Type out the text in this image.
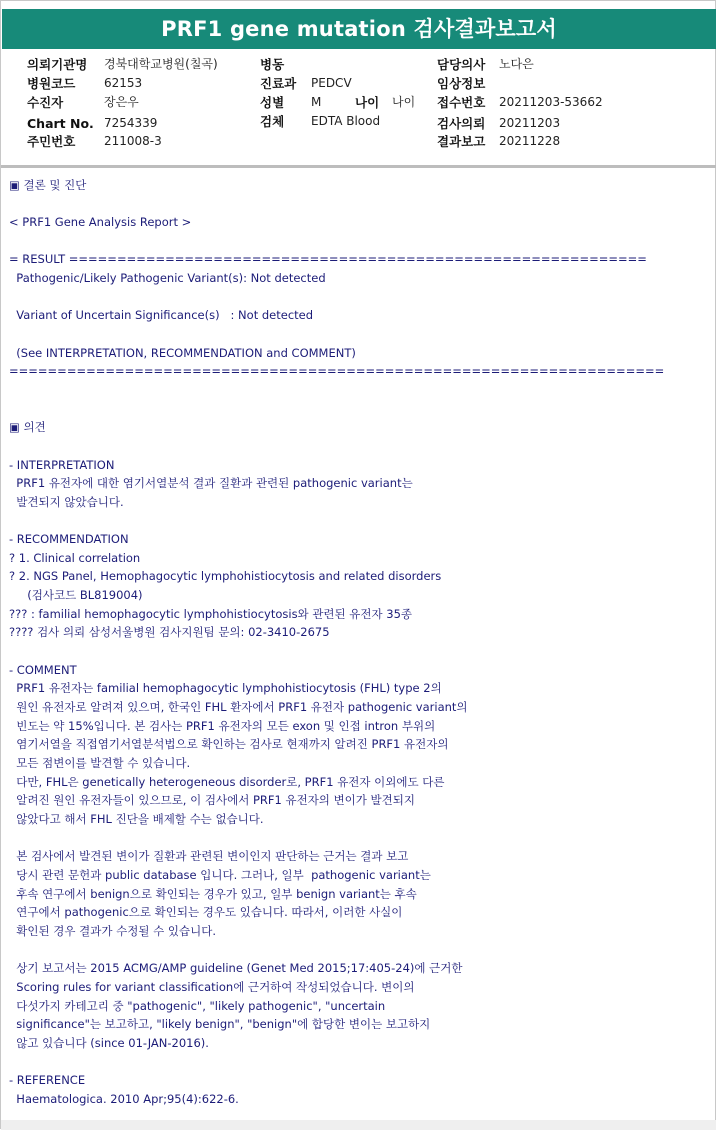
PRF1 gene mutation 검사결과보고서
의뢰기관명 경북대학교병원(칠곡)
병원코드 62153
수진자	장은우
Chart No. 7254339
주민번호 211008-3
병동
진료과 PEDCV
성별 M	나이 나이
검체 EDTA Blood
담당의사 노다은
임상정보
접수번호 20211203-53662
검사의뢰 20211203
결과보고 20211228
▣ 결론 및 진단
< PRF1 Gene Analysis Report >
= RESULT ============================================================
Pathogenic/Likely Pathogenic Variant(s): Not detected
Variant of Uncertain Significance(s)   : Not detected
(See INTERPRETATION, RECOMMENDATION and COMMENT)
====================================================================
▣ 의견
- INTERPRETATION
PRF1 유전자에 대한 염기서열분석 결과 질환과 관련된 pathogenic variant는
발견되지 않았습니다.
- RECOMMENDATION
? 1. Clinical correlation
? 2. NGS Panel, Hemophagocytic lymphohistiocytosis and related disorders
(검사코드 BL819004)
??? : familial hemophagocytic lymphohistiocytosis와 관련된 유전자 35종
???? 검사 의뢰 삼성서울병원 검사지원팀 문의: 02-3410-2675
- COMMENT
PRF1 유전자는 familial hemophagocytic lymphohistiocytosis (FHL) type 2의
원인 유전자로 알려져 있으며, 한국인 FHL 환자에서 PRF1 유전자 pathogenic variant의
빈도는 약 15%입니다. 본 검사는 PRF1 유전자의 모든 exon 및 인접 intron 부위의
염기서열을 직접염기서열분석법으로 확인하는 검사로 현재까지 알려진 PRF1 유전자의
모든 점변이를 발견할 수 있습니다.
다만, FHL은 genetically heterogeneous disorder로, PRF1 유전자 이외에도 다른
알려진 원인 유전자들이 있으므로, 이 검사에서 PRF1 유전자의 변이가 발견되지
않았다고 해서 FHL 진단을 배제할 수는 없습니다.
본 검사에서 발견된 변이가 질환과 관련된 변이인지 판단하는 근거는 결과 보고
당시 관련 문헌과 public database 입니다. 그러나, 일부  pathogenic variant는
후속 연구에서 benign으로 확인되는 경우가 있고, 일부 benign variant는 후속
연구에서 pathogenic으로 확인되는 경우도 있습니다. 따라서, 이러한 사실이
확인된 경우 결과가 수정될 수 있습니다.
상기 보고서는 2015 ACMG/AMP guideline (Genet Med 2015;17:405-24)에 근거한
Scoring rules for variant classification에 근거하여 작성되었습니다. 변이의
다섯가지 카테고리 중 "pathogenic", "likely pathogenic", "uncertain
significance"는 보고하고, "likely benign", "benign"에 합당한 변이는 보고하지
않고 있습니다 (since 01-JAN-2016).
- REFERENCE
Haematologica. 2010 Apr;95(4):622-6.
